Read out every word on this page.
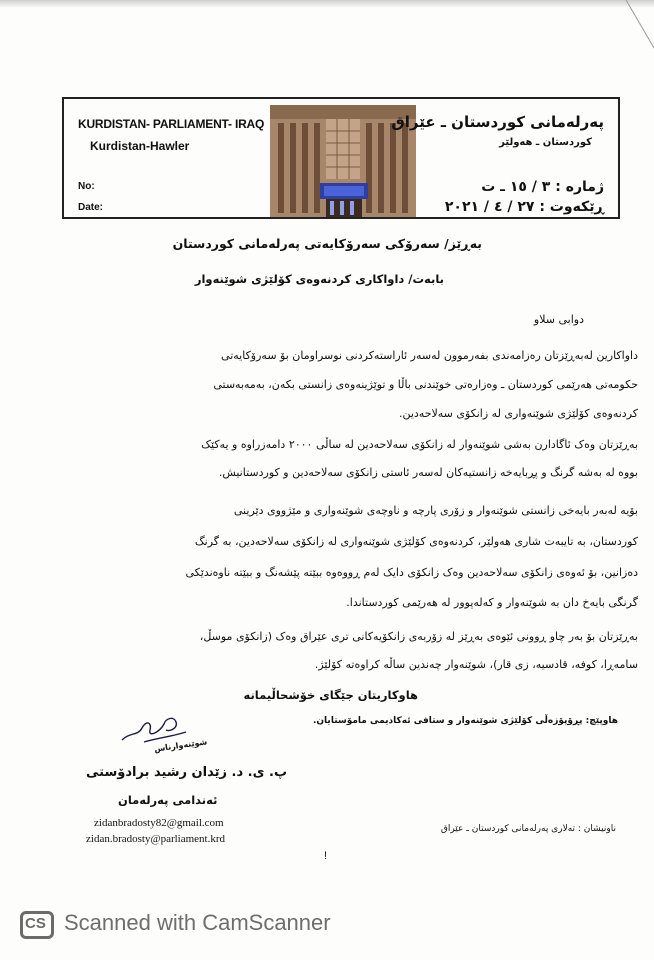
KURDISTAN- PARLIAMENT- IRAQ
Kurdistan-Hawler
No:
Date:
پەرلەمانی کوردستان ـ عێراق
کوردستان ـ هەولێر
ژمارە : ٣ / ١٥ ـ ت
ڕێکەوت : ٢٧ / ٤ / ٢٠٢١
بەڕێز/ سەرۆکی سەرۆکایەتی پەرلەمانی کوردستان
بابەت/ داواکاری کردنەوەی کۆلێژی شوێنەوار
دوابی سلاو
داواکارین لەبەڕێزتان رەزامەندی بفەرموون لەسەر ئاراستەکردنی نوسراومان بۆ سەرۆکایەتی
حکومەتی هەرێمی کوردستان ـ وەزارەتی خوێندنی باڵا و توێژینەوەی زانستی بکەن، بەمەبەستی
کردنەوەی کۆلێژی شوێنەواری لە زانکۆی سەلاحەدین.
بەڕێزتان وەک ئاگادارن بەشی شوێنەوار لە زانکۆی سەلاحەدین لە ساڵی ٢٠٠٠ دامەزراوە و یەکێک
بووە لە بەشە گرنگ و پڕبایەخە زانستیەکان لەسەر ئاستی زانکۆی سەلاحەدین و کوردستانیش.
بۆیە لەبەر بایەخی زانستی شوێنەوار و زۆری پارچە و ناوچەی شوێنەواری و مێژووی دێرینی
کوردستان، بە تایبەت شاری هەولێر، کردنەوەی کۆلێژی شوێنەواری لە زانکۆی سەلاحەدین، بە گرنگ
دەزانین، بۆ ئەوەی زانکۆی سەلاحەدین وەک زانکۆی دایک لەم ڕووەوە ببێتە پێشەنگ و ببێتە ناوەندێکی
گرنگی بایەخ دان بە شوێنەوار و کەلەپوور لە هەرێمی کوردستاندا.
بەڕێزتان بۆ بەر چاو ڕوونی ئێوەی بەڕێز لە زۆربەی زانکۆیەکانی تری عێراق وەک (زانکۆی موسڵ،
سامەڕا، کوفە، قادسیە، زی قار)، شوێنەوار چەندین ساڵە کراوەتە کۆلێژ.
هاوکاریتان جێگای خۆشحاڵیمانە
هاوپێچ: پڕۆپۆزەڵی کۆلێژی شوێنەوار و ستافی ئەکادیمی مامۆستایان.
شوێنەوارناس
پ. ی. د. زێدان رشید برادۆستی
ئەندامی پەرلەمان
zidanbradosty82@gmail.com
zidan.bradosty@parliament.krd
ناونیشان : تەلاری پەرلەمانی کوردستان ـ عێراق
!
CS Scanned with CamScanner
